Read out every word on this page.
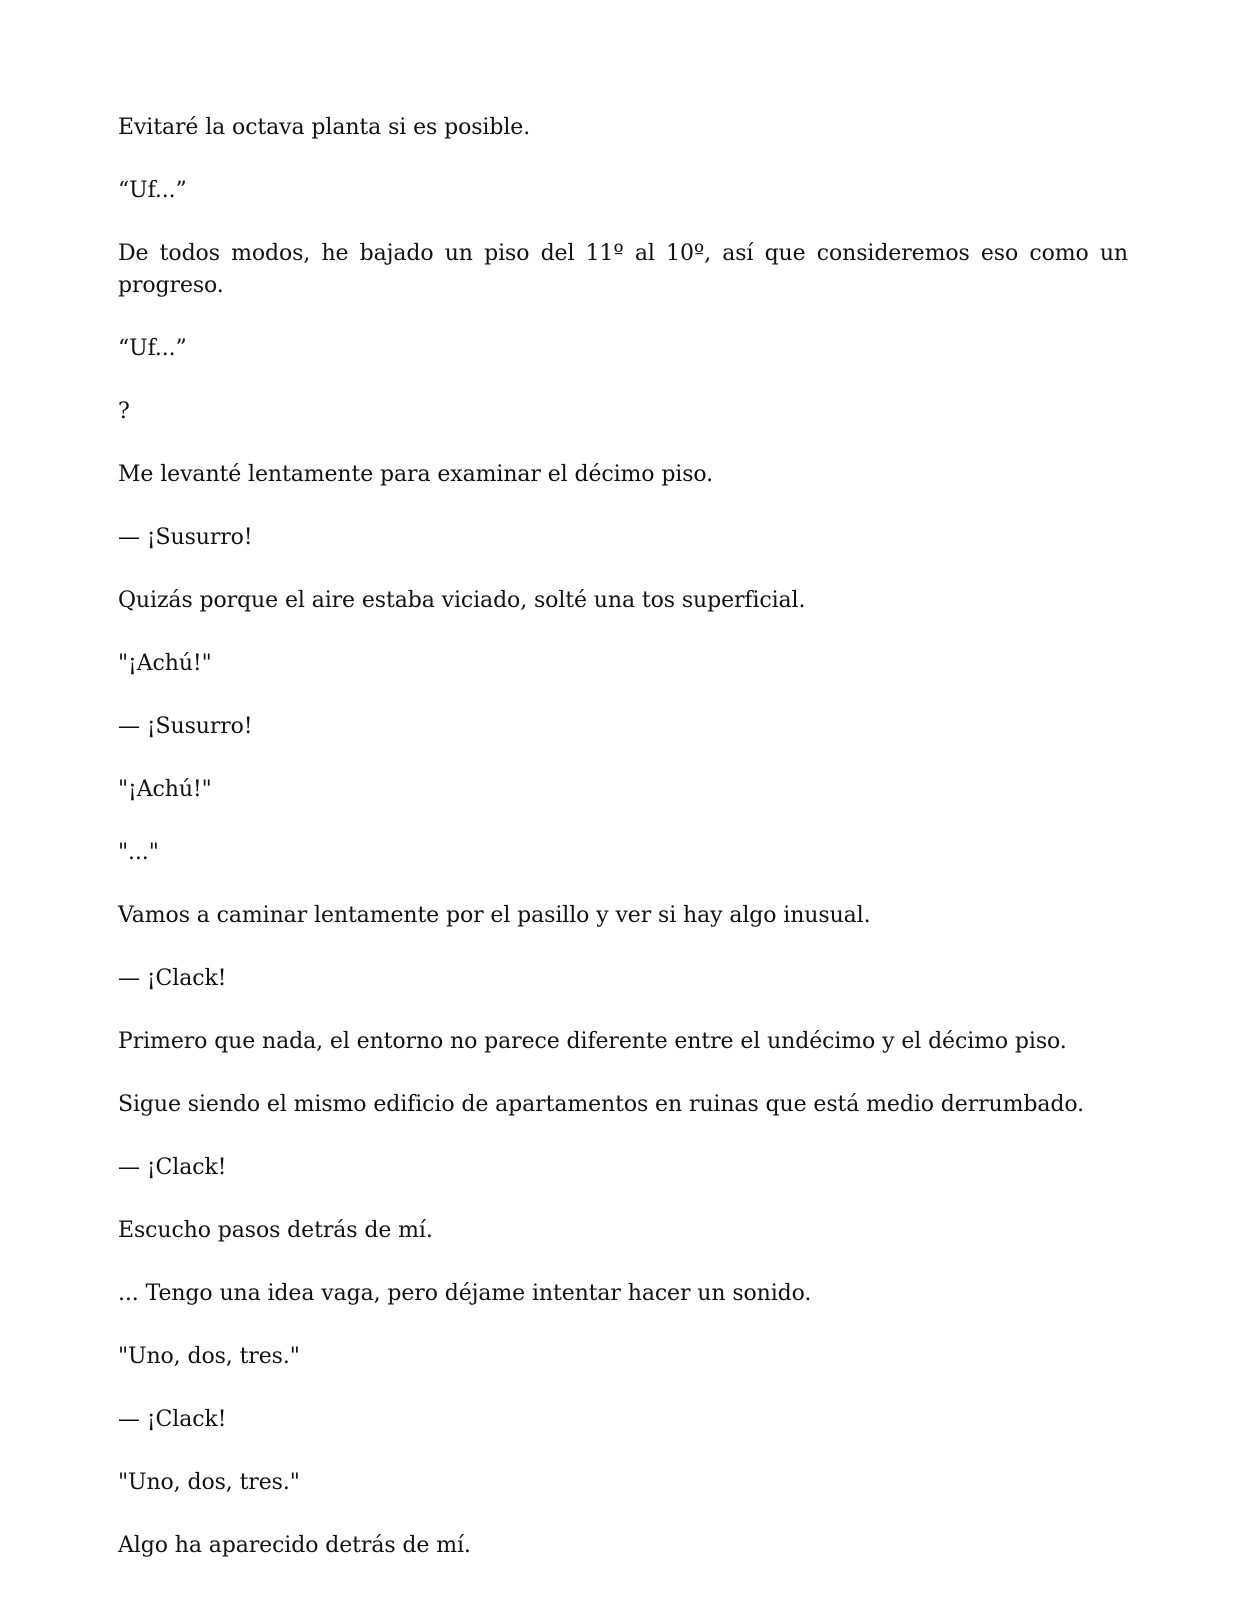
Evitaré la octava planta si es posible.

“Uf...”

De todos modos, he bajado un piso del 11º al 10º, así que consideremos eso como un progreso.

“Uf...”

?

Me levanté lentamente para examinar el décimo piso.

— ¡Susurro!

Quizás porque el aire estaba viciado, solté una tos superficial.

"¡Achú!"

— ¡Susurro!

"¡Achú!"

"..."

Vamos a caminar lentamente por el pasillo y ver si hay algo inusual.

— ¡Clack!

Primero que nada, el entorno no parece diferente entre el undécimo y el décimo piso.

Sigue siendo el mismo edificio de apartamentos en ruinas que está medio derrumbado.

— ¡Clack!

Escucho pasos detrás de mí.

... Tengo una idea vaga, pero déjame intentar hacer un sonido.

"Uno, dos, tres."

— ¡Clack!

"Uno, dos, tres."

Algo ha aparecido detrás de mí.
